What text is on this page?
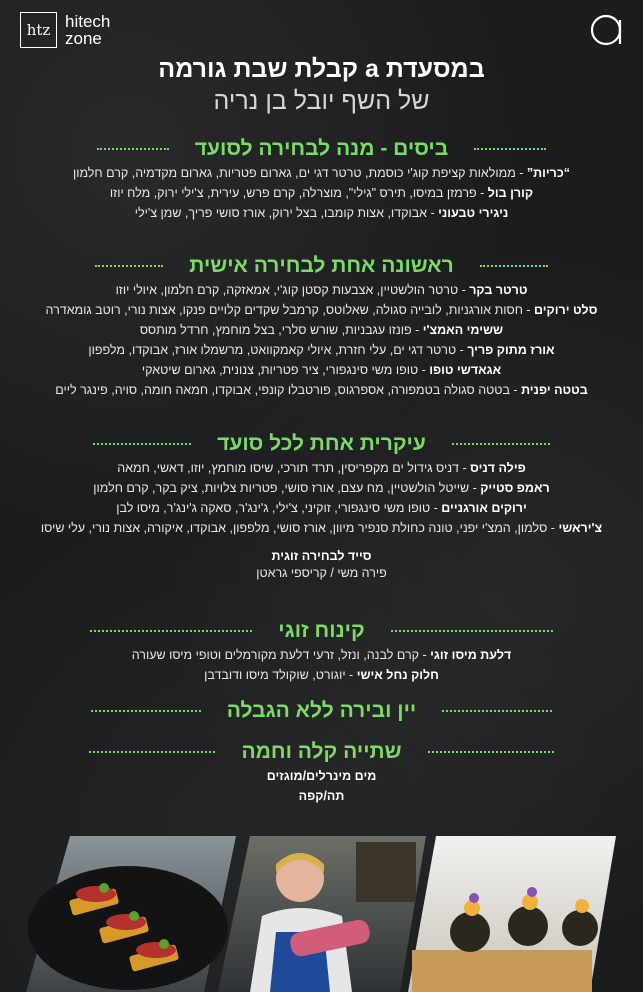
htz hitech
zone
במסעדת a קבלת שבת גורמה
של השף יובל בן נריה
ביסים - מנה לבחירה לסועד
“כריות” - ממולאות קציפת קוג'י כוסמת, טרטר דגי ים, גארום פטריות, גארום מקדמיה, קרם חלמון
קורן בול - פרמזן במיסו, תירס "גילי", מוצרלה, קרם פרש, עירית, צ'ילי ירוק, מלח יוזו
ניגירי טבעוני - אבוקדו, אצות קומבו, בצל ירוק, אורז סושי פריך, שמן צ'ילי
ראשונה אחת לבחירה אישית
טרטר בקר - טרטר הולשטיין, אצבעות קסטן קוג'י, אמאזקה, קרם חלמון, איולי יוזו
סלט ירוקים - חסות אורגניות, לובייה סגולה, שאלוטס, קרמבל שקדים קלויים פנקו, אצות נורי, רוטב גומאדרה
ששימי האמצ'י - פונזו עגבניות, שורש סלרי, בצל מוחמץ, חרדל מותסס
אורז מתוק פריך - טרטר דגי ים, עלי חזרת, איולי קאמקוואט, מרשמלו אורז, אבוקדו, מלפפון
אגאדשי טופו - טופו משי סינגפורי, ציר פטריות, צנונית, גארום שיטאקי
בטטה יפנית - בטטה סגולה בטמפורה, אספרגוס, פורטבלו קונפי, אבוקדו, חמאה חומה, סויה, פינגר ליים
עיקרית אחת לכל סועד
פילה דניס - דניס גידול ים מקפריסין, תרד תורכי, שיסו מוחמץ, יוזו, דאשי, חמאה
ראמפ סטייק - שייטל הולשטיין, מח עצם, אורז סושי, פטריות צלויות, ציק בקר, קרם חלמון
ירוקים אורגניים - טופו משי סינגפורי, זוקיני, צ'ילי, ג'ינג'ר, סאקה ג'ינג'ר, מיסו לבן
צ'יראשי - סלמון, המצ'י יפני, טונה כחולת סנפיר מיוון, אורז סושי, מלפפון, אבוקדו, איקורה, אצות נורי, עלי שיסו
סייד לבחירה זוגית
פירה משי / קריספי גראטן
קינוח זוגי
דלעת מיסו זוגי - קרם לבנה, ונזל, זרעי דלעת מקורמלים וטופי מיסו שעורה
חלוק נחל אישי - יוגורט, שוקולד מיסו ודובדבן
יין ובירה ללא הגבלה
שתייה קלה וחמה
מים מינרלים/מוגזים
תה/קפה
